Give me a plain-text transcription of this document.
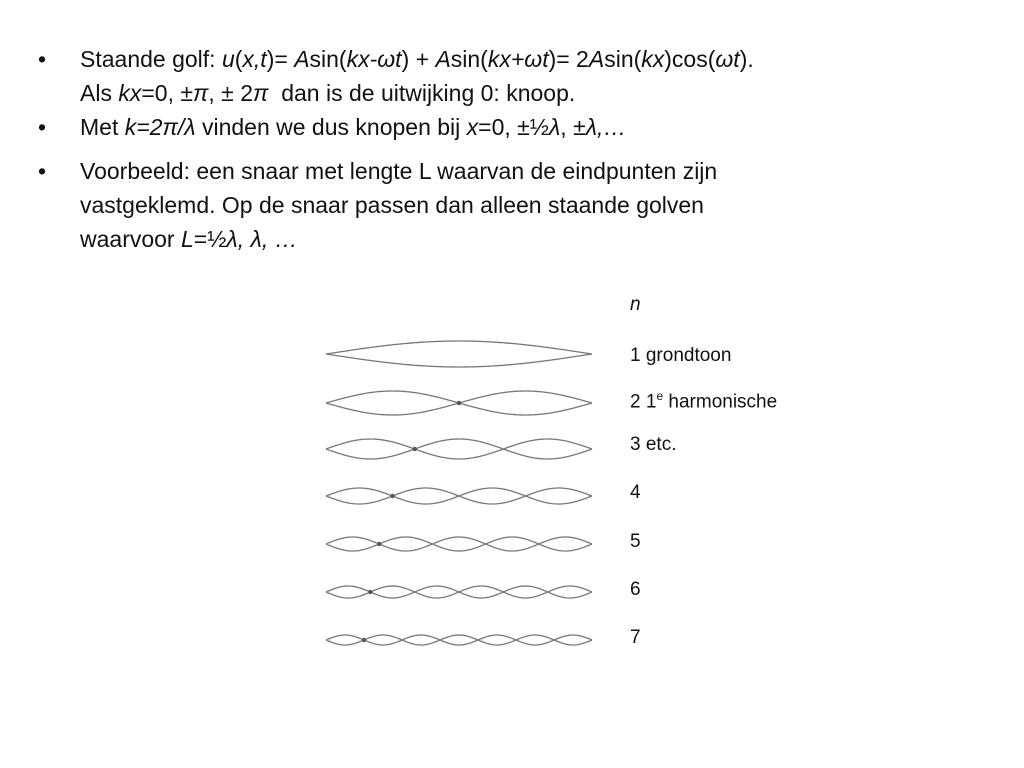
• Staande golf: u(x,t)= Asin(kx-ωt) + Asin(kx+ωt)= 2Asin(kx)cos(ωt).
Als kx=0, ±π, ± 2π  dan is de uitwijking 0: knoop.
• Met k=2π/λ vinden we dus knopen bij x=0, ±½λ, ±λ,…
• Voorbeeld: een snaar met lengte L waarvan de eindpunten zijn
vastgeklemd. Op de snaar passen dan alleen staande golven
waarvoor L=½λ, λ, …
n
1 grondtoon
2 1e harmonische
3 etc.
4
5
6
7
